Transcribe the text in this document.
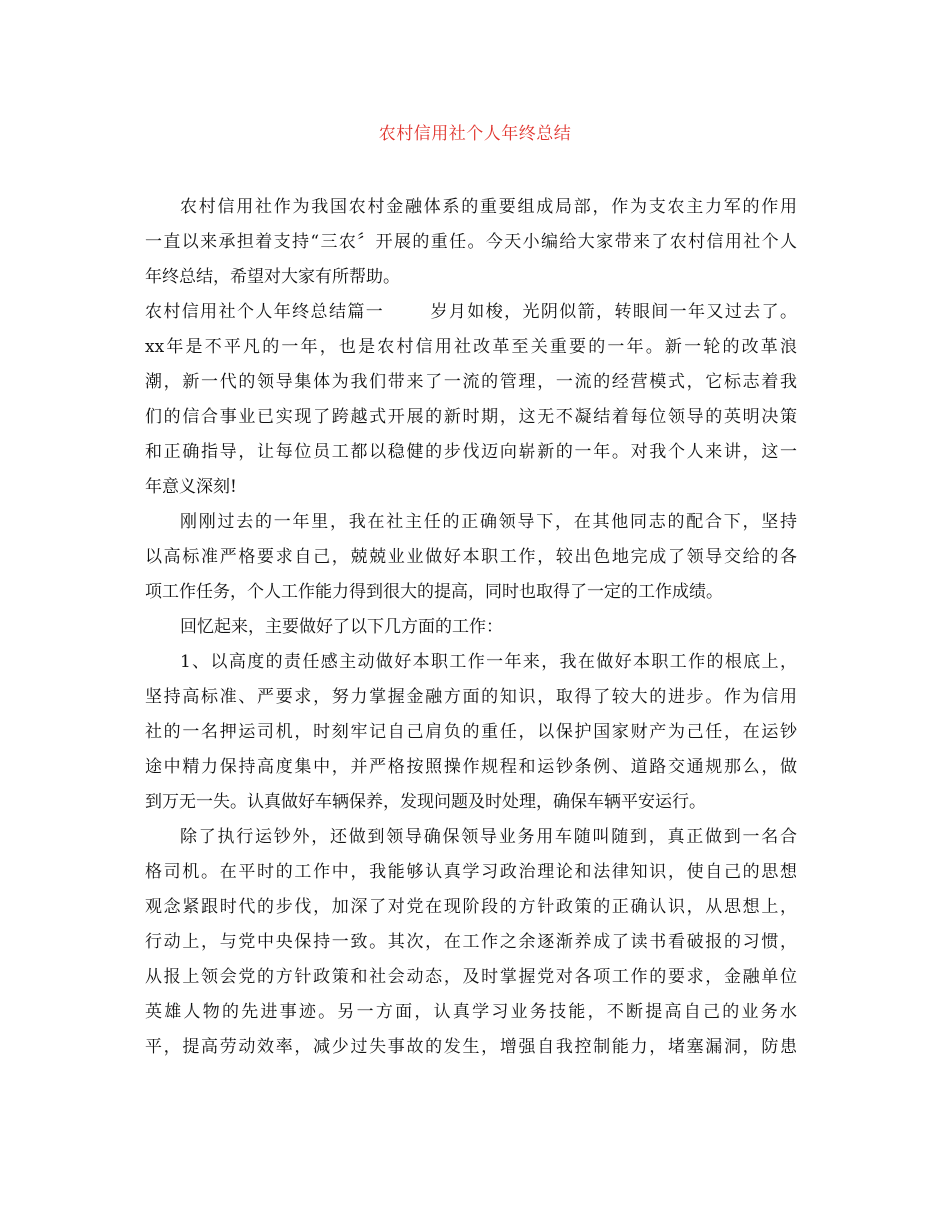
农村信用社个人年终总结
农村信用社作为我国农村金融体系的重要组成局部，作为支农主力军的作用
一直以来承担着支持“三农〞开展的重任。今天小编给大家带来了农村信用社个人
年终总结，希望对大家有所帮助。
农村信用社个人年终总结篇一	岁月如梭，光阴似箭，转眼间一年又过去了。
xx年是不平凡的一年，也是农村信用社改革至关重要的一年。新一轮的改革浪
潮，新一代的领导集体为我们带来了一流的管理，一流的经营模式，它标志着我
们的信合事业已实现了跨越式开展的新时期，这无不凝结着每位领导的英明决策
和正确指导，让每位员工都以稳健的步伐迈向崭新的一年。对我个人来讲，这一
年意义深刻!
刚刚过去的一年里，我在社主任的正确领导下，在其他同志的配合下，坚持
以高标准严格要求自己，兢兢业业做好本职工作，较出色地完成了领导交给的各
项工作任务，个人工作能力得到很大的提高，同时也取得了一定的工作成绩。
回忆起来，主要做好了以下几方面的工作：
1、以高度的责任感主动做好本职工作一年来，我在做好本职工作的根底上，
坚持高标准、严要求，努力掌握金融方面的知识，取得了较大的进步。作为信用
社的一名押运司机，时刻牢记自己肩负的重任，以保护国家财产为己任，在运钞
途中精力保持高度集中，并严格按照操作规程和运钞条例、道路交通规那么，做
到万无一失。认真做好车辆保养，发现问题及时处理，确保车辆平安运行。
除了执行运钞外，还做到领导确保领导业务用车随叫随到，真正做到一名合
格司机。在平时的工作中，我能够认真学习政治理论和法律知识，使自己的思想
观念紧跟时代的步伐，加深了对党在现阶段的方针政策的正确认识，从思想上，
行动上，与党中央保持一致。其次，在工作之余逐渐养成了读书看破报的习惯，
从报上领会党的方针政策和社会动态，及时掌握党对各项工作的要求，金融单位
英雄人物的先进事迹。另一方面，认真学习业务技能，不断提高自己的业务水
平，提高劳动效率，减少过失事故的发生，增强自我控制能力，堵塞漏洞，防患
